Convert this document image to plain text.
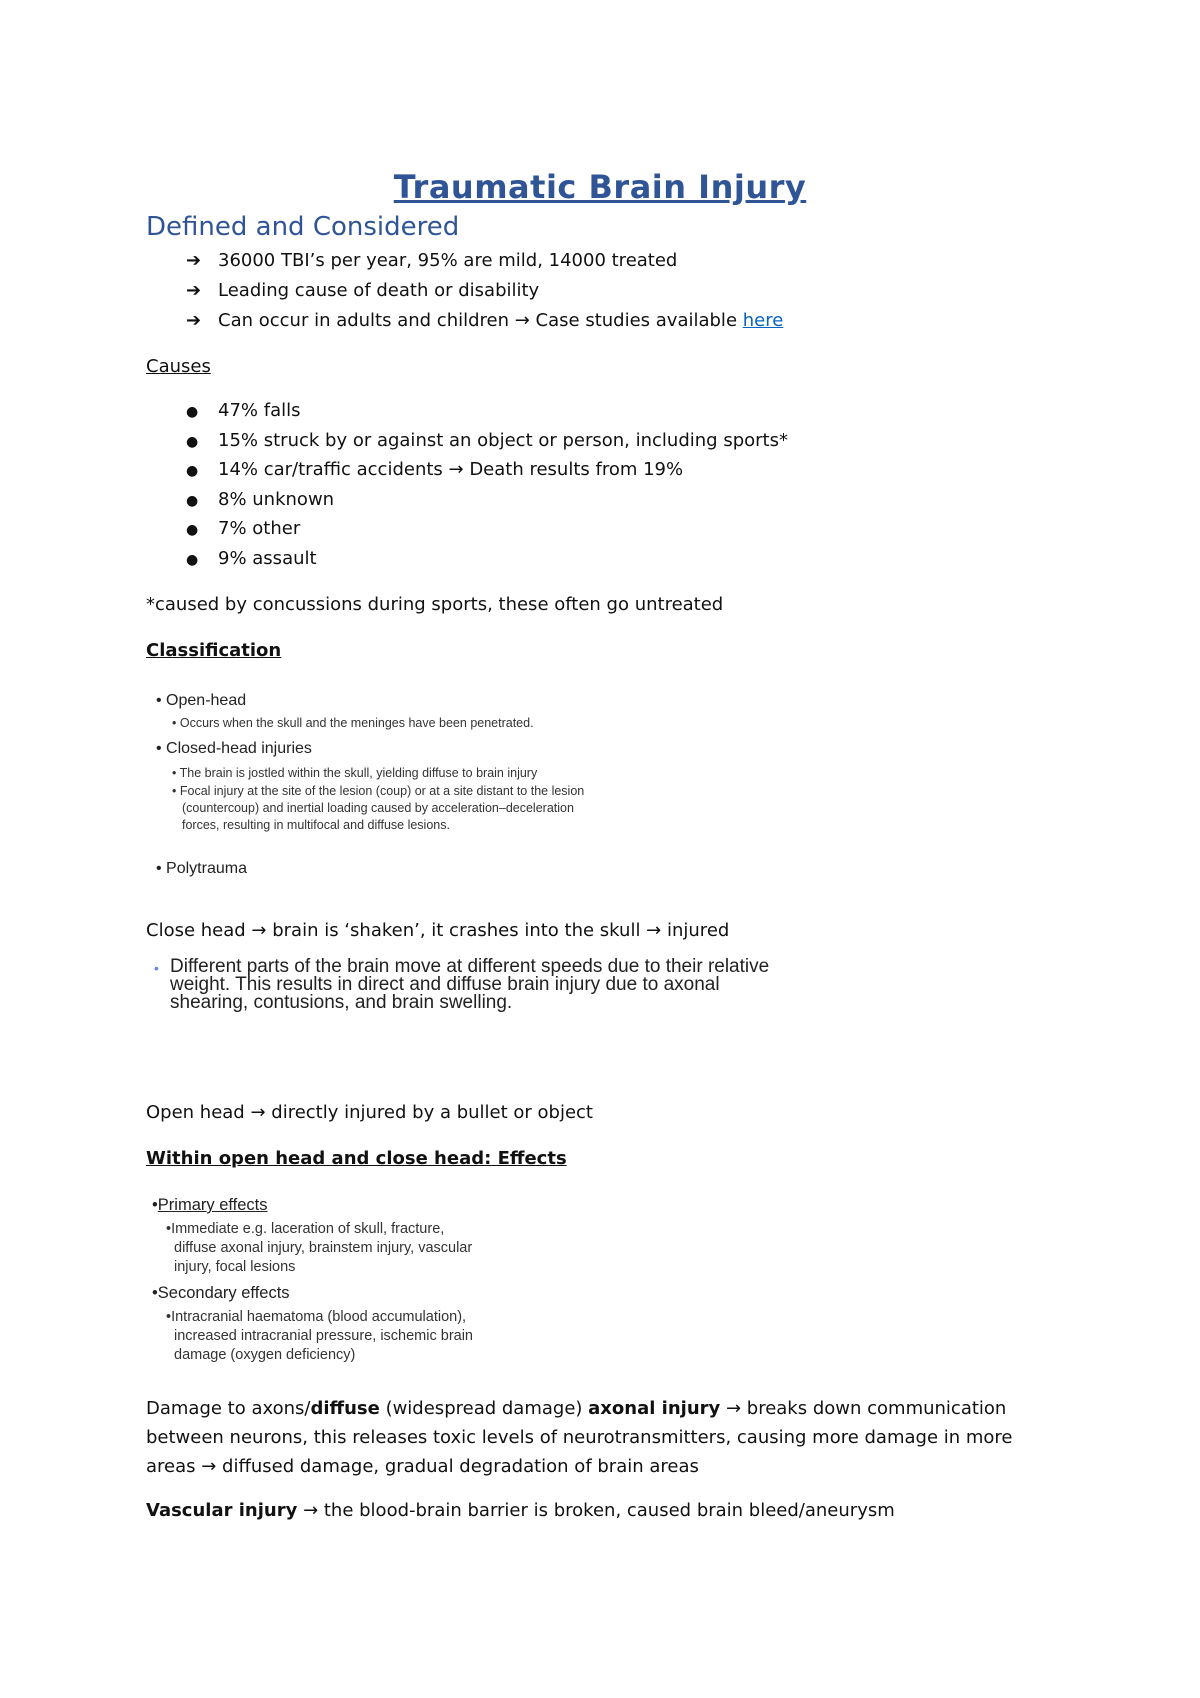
Traumatic Brain Injury
Defined and Considered
➔ 36000 TBI’s per year, 95% are mild, 14000 treated
➔ Leading cause of death or disability
➔ Can occur in adults and children → Case studies available here
Causes
● 47% falls
● 15% struck by or against an object or person, including sports*
● 14% car/traffic accidents → Death results from 19%
● 8% unknown
● 7% other
● 9% assault
*caused by concussions during sports, these often go untreated
Classification
• Open-head
• Occurs when the skull and the meninges have been penetrated.
• Closed-head injuries
• The brain is jostled within the skull, yielding diffuse to brain injury
• Focal injury at the site of the lesion (coup) or at a site distant to the lesion
(countercoup) and inertial loading caused by acceleration–deceleration
forces, resulting in multifocal and diffuse lesions.
• Polytrauma
Close head → brain is ‘shaken’, it crashes into the skull → injured
• Different parts of the brain move at different speeds due to their relative
weight. This results in direct and diffuse brain injury due to axonal
shearing, contusions, and brain swelling.
Open head → directly injured by a bullet or object
Within open head and close head: Effects
•Primary effects
•Immediate e.g. laceration of skull, fracture,
diffuse axonal injury, brainstem injury, vascular
injury, focal lesions
•Secondary effects
•Intracranial haematoma (blood accumulation),
increased intracranial pressure, ischemic brain
damage (oxygen deficiency)
Damage to axons/diffuse (widespread damage) axonal injury → breaks down communication
between neurons, this releases toxic levels of neurotransmitters, causing more damage in more
areas → diffused damage, gradual degradation of brain areas
Vascular injury → the blood-brain barrier is broken, caused brain bleed/aneurysm
